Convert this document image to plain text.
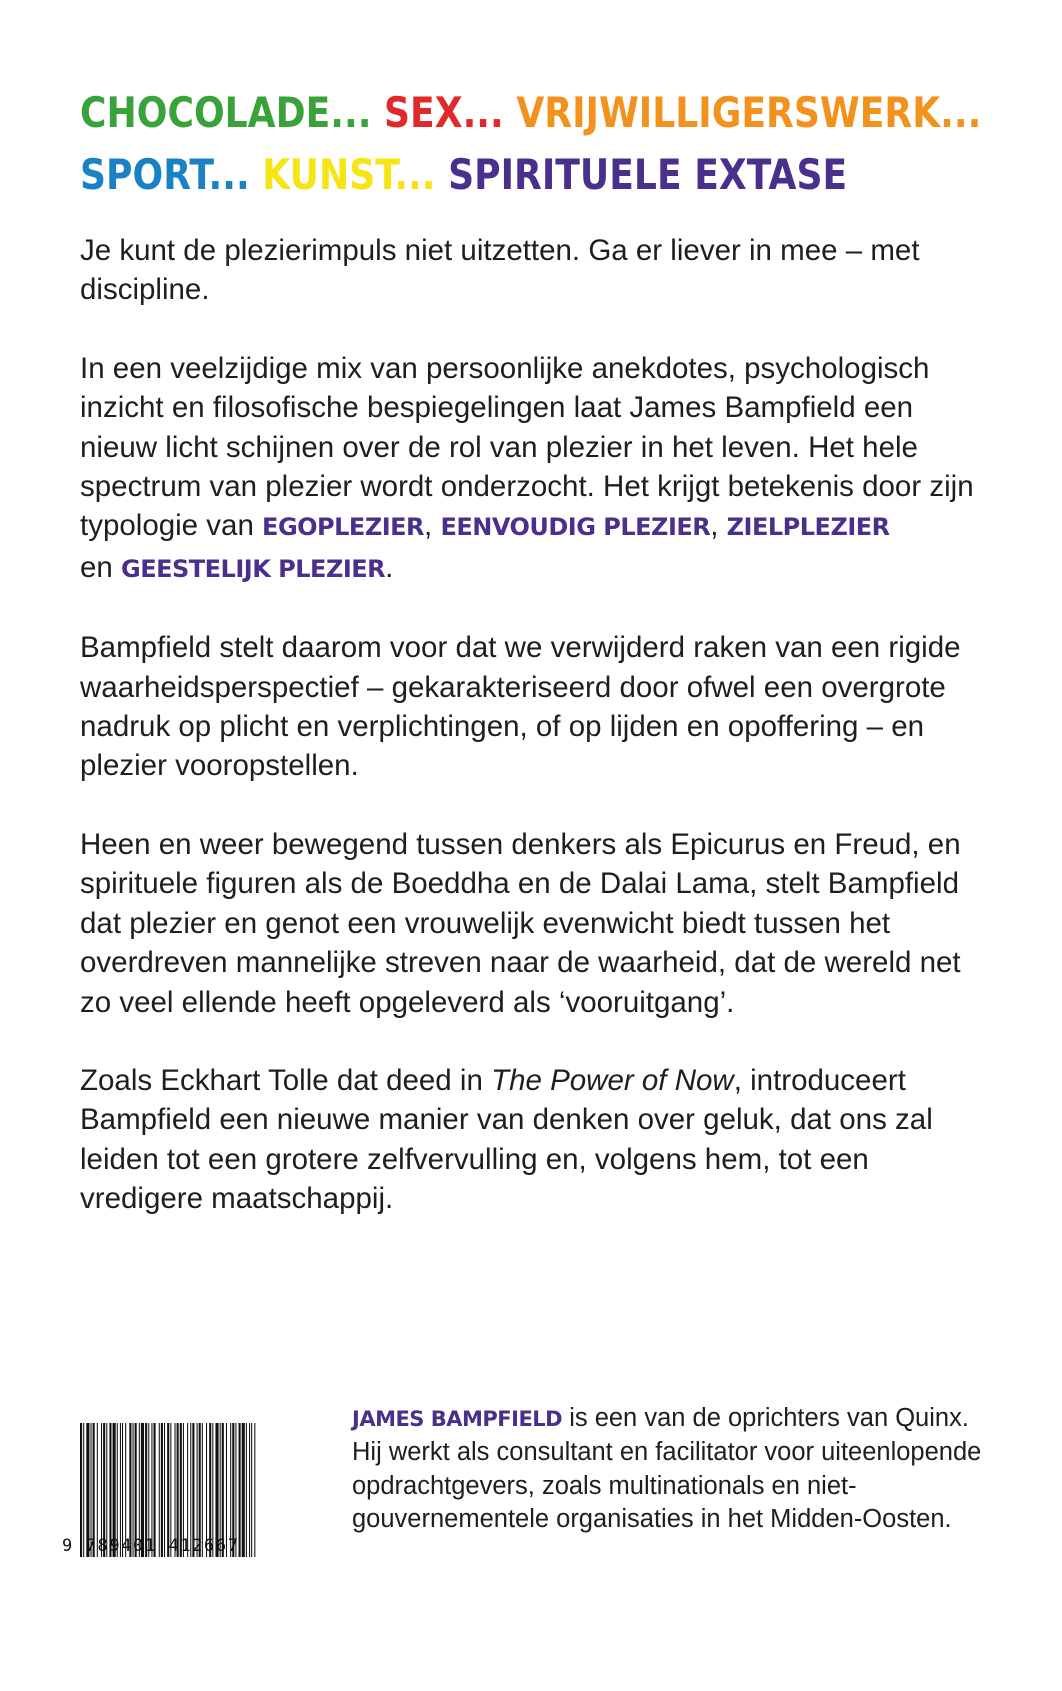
CHOCOLADE... SEX... VRIJWILLIGERSWERK...
SPORT... KUNST... SPIRITUELE EXTASE

Je kunt de plezierimpuls niet uitzetten. Ga er liever in mee – met discipline.

In een veelzijdige mix van persoonlijke anekdotes, psychologisch inzicht en filosofische bespiegelingen laat James Bampfield een nieuw licht schijnen over de rol van plezier in het leven. Het hele spectrum van plezier wordt onderzocht. Het krijgt betekenis door zijn typologie van EGOPLEZIER, EENVOUDIG PLEZIER, ZIELPLEZIER
en GEESTELIJK PLEZIER.

Bampfield stelt daarom voor dat we verwijderd raken van een rigide waarheidsperspectief – gekarakteriseerd door ofwel een overgrote nadruk op plicht en verplichtingen, of op lijden en opoffering – en plezier vooropstellen.

Heen en weer bewegend tussen denkers als Epicurus en Freud, en spirituele figuren als de Boeddha en de Dalai Lama, stelt Bampfield dat plezier en genot een vrouwelijk evenwicht biedt tussen het overdreven mannelijke streven naar de waarheid, dat de wereld net zo veel ellende heeft opgeleverd als ‘vooruitgang’.

Zoals Eckhart Tolle dat deed in The Power of Now, introduceert Bampfield een nieuwe manier van denken over geluk, dat ons zal leiden tot een grotere zelfvervulling en, volgens hem, tot een vredigere maatschappij.

9 789401 412667
JAMES BAMPFIELD is een van de oprichters van Quinx. Hij werkt als consultant en facilitator voor uiteenlopende opdrachtgevers, zoals multinationals en niet-gouvernementele organisaties in het Midden-Oosten.
